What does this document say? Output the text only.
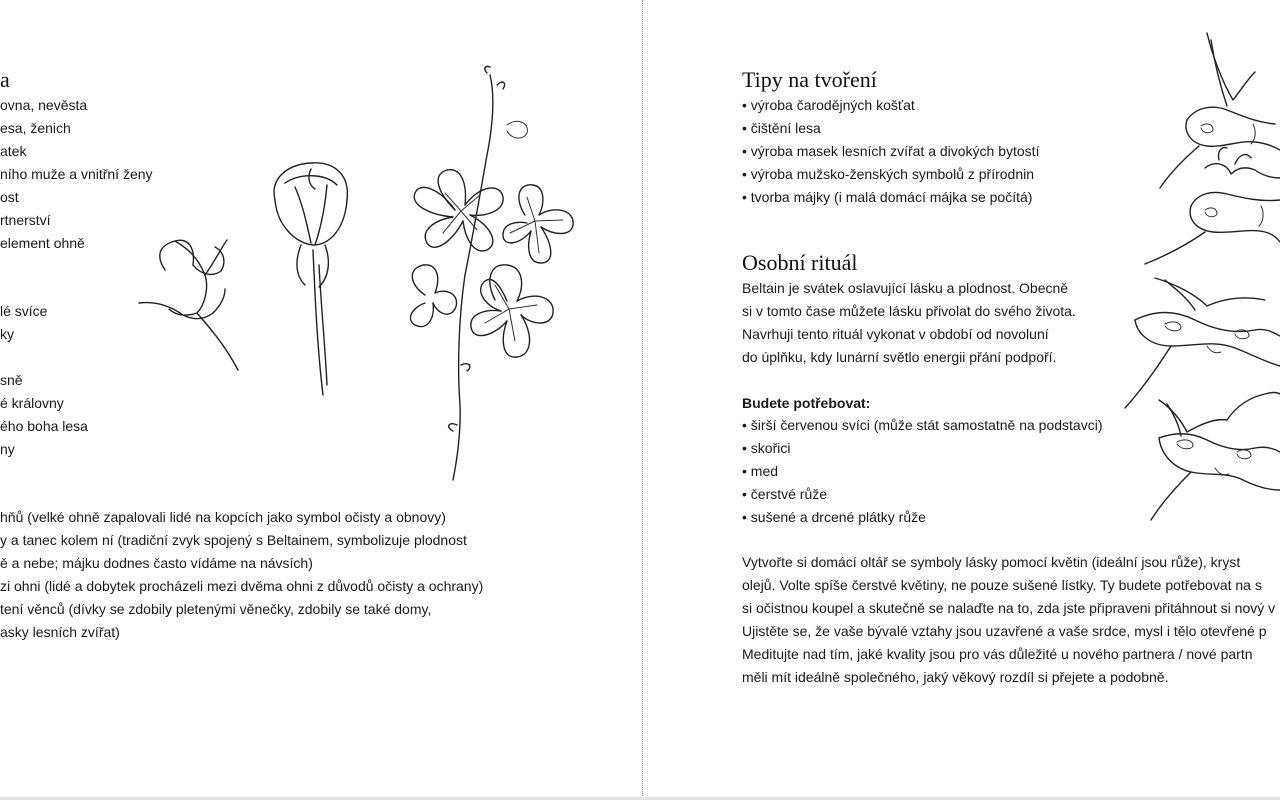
a
ovna, nevěsta
esa, ženich
atek
ního muže a vnitřní ženy
ost
rtnerství
element ohně
lé svíce
ky
sně
é královny
ého boha lesa
ny
hňů (velké ohně zapalovali lidé na kopcích jako symbol očisty a obnovy)
y a tanec kolem ní (tradiční zvyk spojený s Beltainem, symbolizuje plodnost
ě a nebe; májku dodnes často vídáme na návsích)
zi ohni (lidé a dobytek procházeli mezi dvěma ohni z důvodů očisty a ochrany)
tení věnců (dívky se zdobily pletenými věnečky, zdobily se také domy,
asky lesních zvířat)
Tipy na tvoření
• výroba čarodějných košťat
• čištění lesa
• výroba masek lesních zvířat a divokých bytostí
• výroba mužsko-ženských symbolů z přírodnin
• tvorba májky (i malá domácí májka se počítá)
Osobní rituál
Beltain je svátek oslavující lásku a plodnost. Obecně
si v tomto čase můžete lásku přivolat do svého života.
Navrhuji tento rituál vykonat v období od novoluní
do úplňku, kdy lunární světlo energii přání podpoří.
Budete potřebovat:
• širší červenou svíci (může stát samostatně na podstavci)
• skořici
• med
• čerstvé růže
• sušené a drcené plátky růže
Vytvořte si domácí oltář se symboly lásky pomocí květin (ideální jsou růže), kryst
olejů. Volte spíše čerstvé květiny, ne pouze sušené lístky. Ty budete potřebovat na s
si očistnou koupel a skutečně se nalaďte na to, zda jste připraveni přitáhnout si nový v
Ujistěte se, že vaše bývalé vztahy jsou uzavřené a vaše srdce, mysl i tělo otevřené p
Meditujte nad tím, jaké kvality jsou pro vás důležité u nového partnera / nové partn
měli mít ideálně společného, jaký věkový rozdíl si přejete a podobně.
